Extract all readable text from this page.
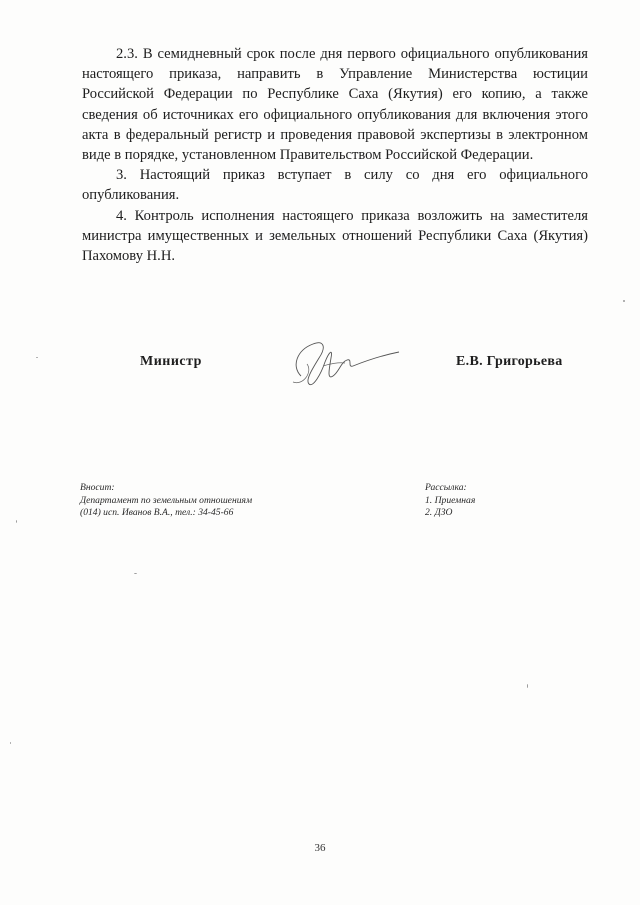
2.3. В семидневный срок после дня первого официального опубликования настоящего приказа, направить в Управление Министерства юстиции Российской Федерации по Республике Саха (Якутия) его копию, а также сведения об источниках его официального опубликования для включения этого акта в федеральный регистр и проведения правовой экспертизы в электронном виде в порядке, установленном Правительством Российской Федерации.

3. Настоящий приказ вступает в силу со дня его официального опубликования.

4. Контроль исполнения настоящего приказа возложить на заместителя министра имущественных и земельных отношений Республики Саха (Якутия) Пахомову Н.Н.

Министр	Е.В. Григорьева
Вносит:
Департамент по земельным отношениям
(014) исп. Иванов В.А., тел.: 34-45-66
Рассылка:
1. Приемная
2. ДЗО
36
